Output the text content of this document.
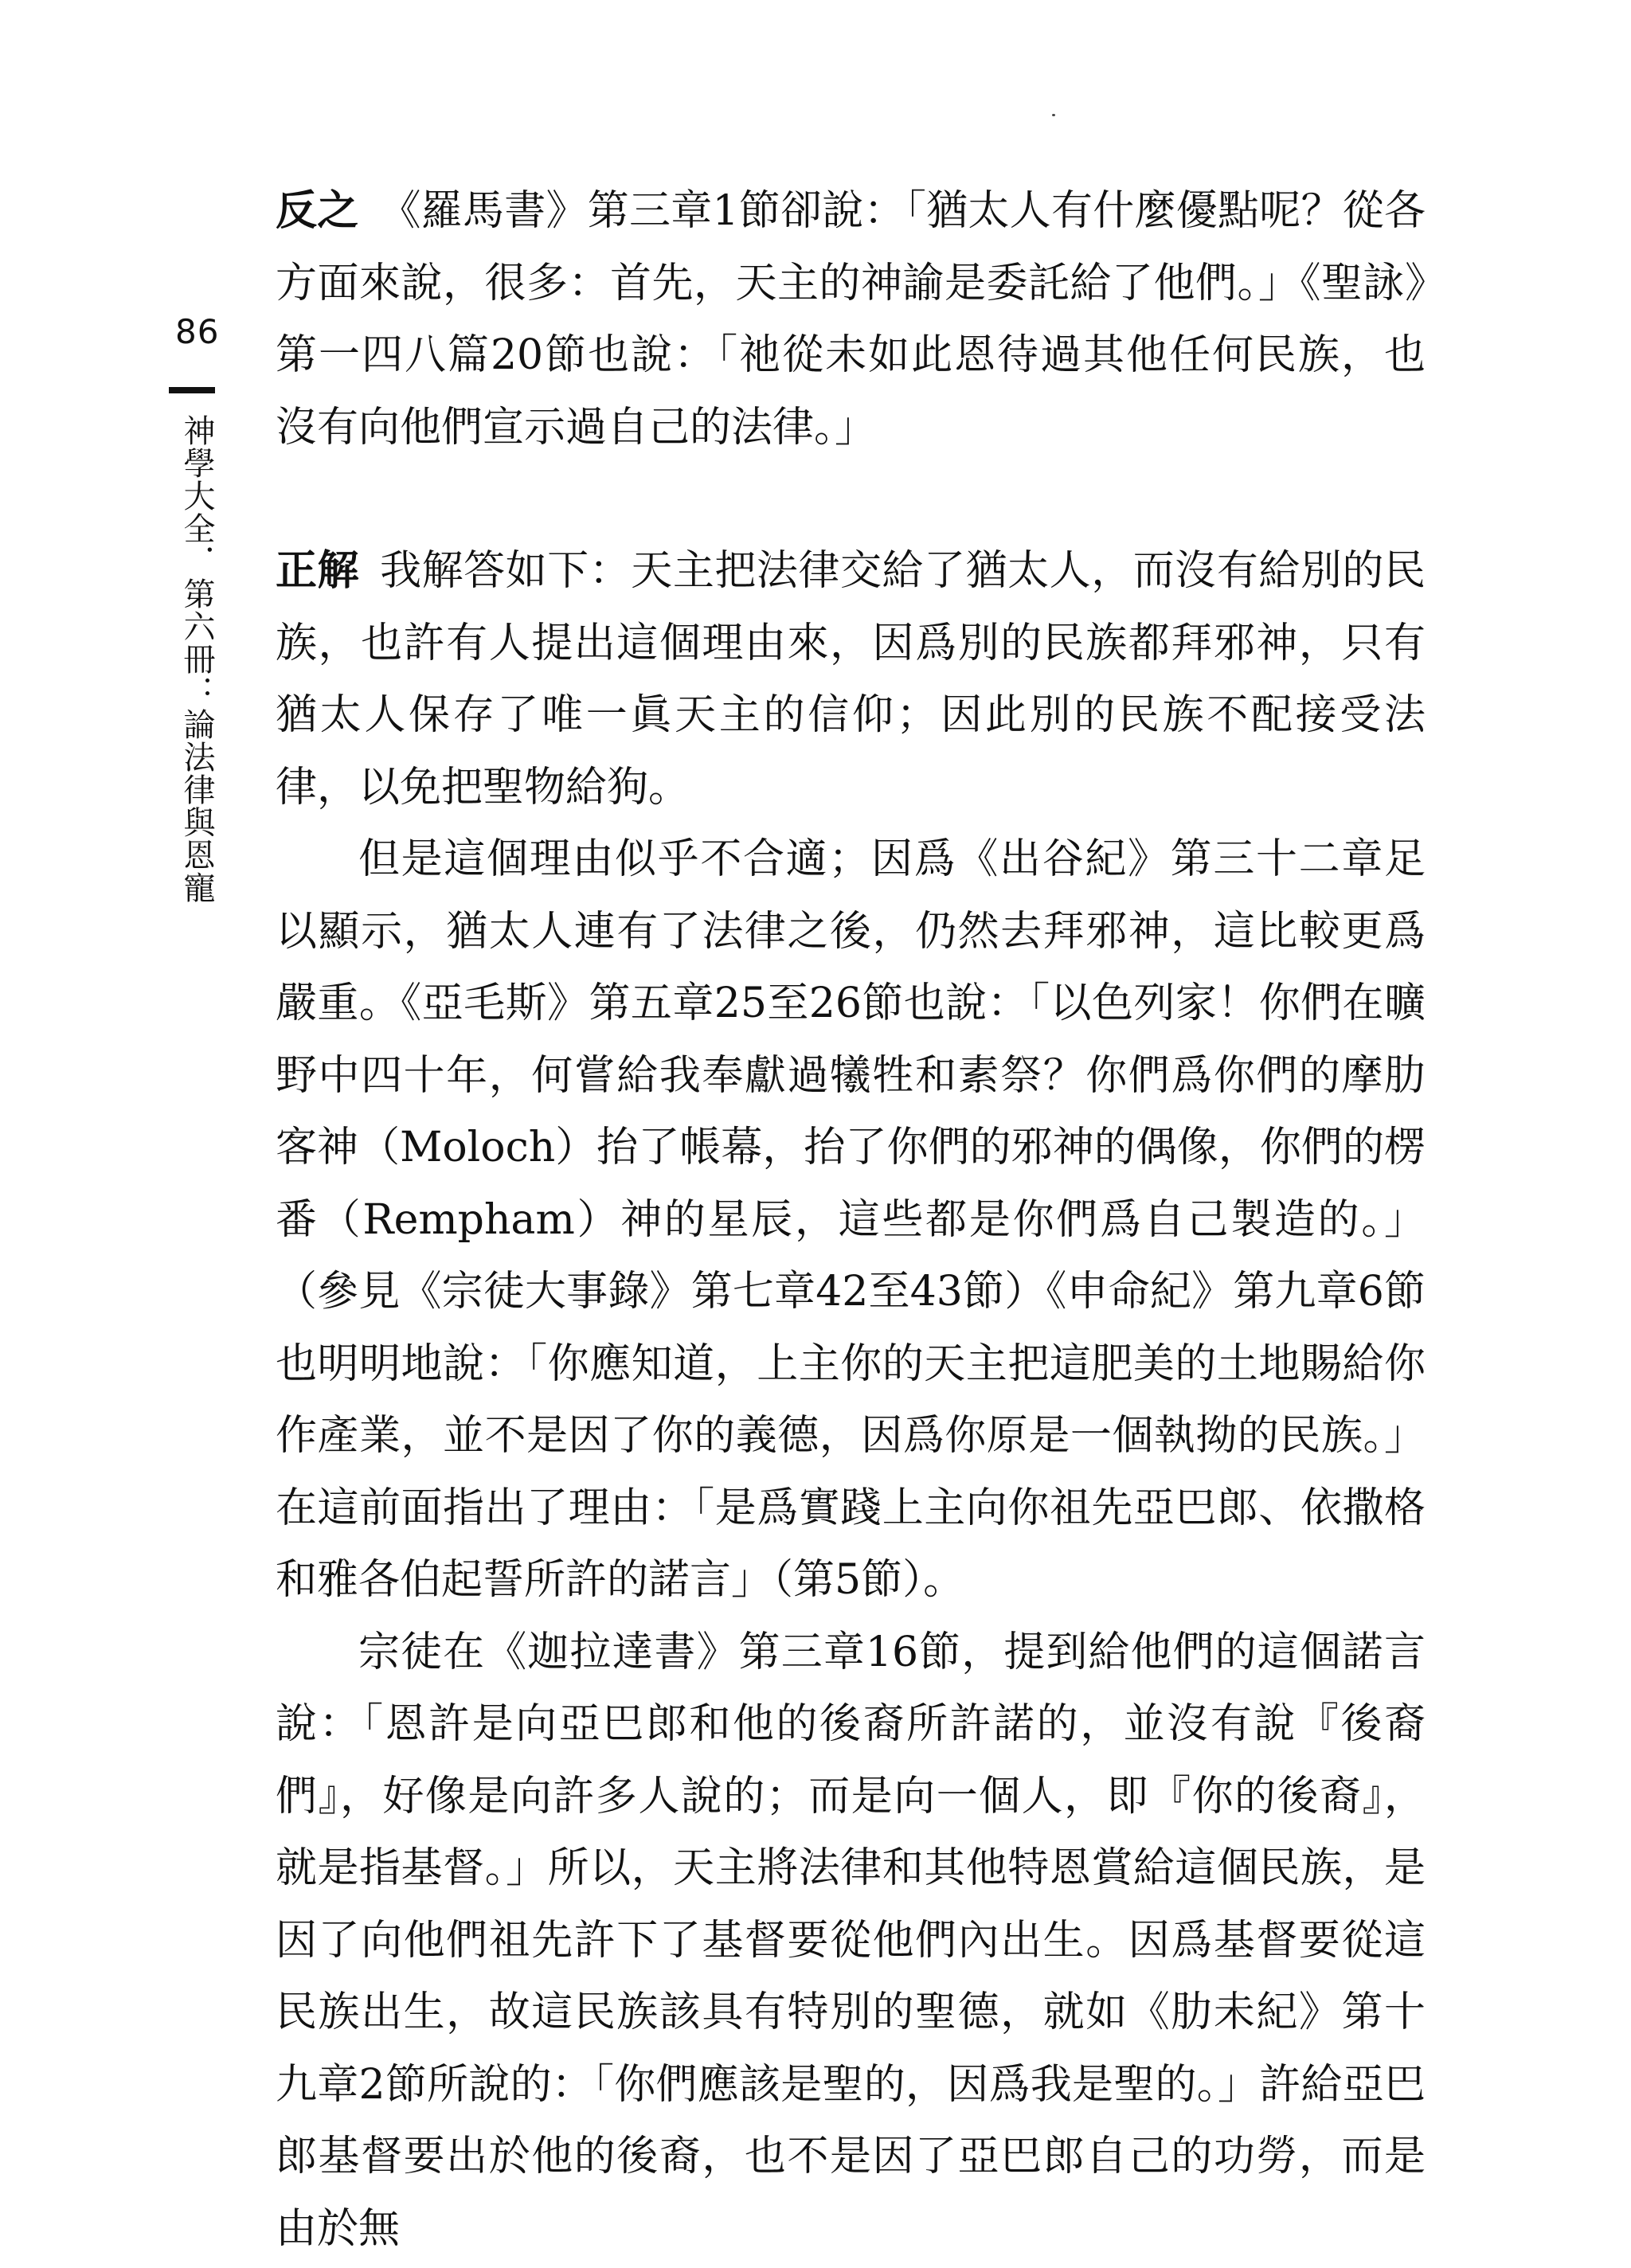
86
神學大全．第六冊：論法律與恩寵

反之 《羅馬書》第三章1節卻說：「猶太人有什麼優點呢？從各方面來說，很多：首先，天主的神諭是委託給了他們。」《聖詠》第一四八篇20節也說：「祂從未如此恩待過其他任何民族，也沒有向他們宣示過自己的法律。」

正解 我解答如下：天主把法律交給了猶太人，而沒有給別的民族，也許有人提出這個理由來，因爲別的民族都拜邪神，只有猶太人保存了唯一眞天主的信仰；因此別的民族不配接受法律，以免把聖物給狗。

但是這個理由似乎不合適；因爲《出谷紀》第三十二章足以顯示，猶太人連有了法律之後，仍然去拜邪神，這比較更爲嚴重。《亞毛斯》第五章25至26節也說：「以色列家！你們在曠野中四十年，何嘗給我奉獻過犧牲和素祭？你們爲你們的摩肋客神（Moloch）抬了帳幕，抬了你們的邪神的偶像，你們的楞番（Rempham）神的星辰，這些都是你們爲自己製造的。」（參見《宗徒大事錄》第七章42至43節）《申命紀》第九章6節也明明地說：「你應知道，上主你的天主把這肥美的土地賜給你作產業，並不是因了你的義德，因爲你原是一個執拗的民族。」在這前面指出了理由：「是爲實踐上主向你祖先亞巴郎、依撒格和雅各伯起誓所許的諾言」（第5節）。

宗徒在《迦拉達書》第三章16節，提到給他們的這個諾言說：「恩許是向亞巴郎和他的後裔所許諾的，並沒有說『後裔們』，好像是向許多人說的；而是向一個人，即『你的後裔』，就是指基督。」所以，天主將法律和其他特恩賞給這個民族，是因了向他們祖先許下了基督要從他們內出生。因爲基督要從這民族出生，故這民族該具有特別的聖德，就如《肋未紀》第十九章2節所說的：「你們應該是聖的，因爲我是聖的。」許給亞巴郎基督要出於他的後裔，也不是因了亞巴郎自己的功勞，而是由於無
